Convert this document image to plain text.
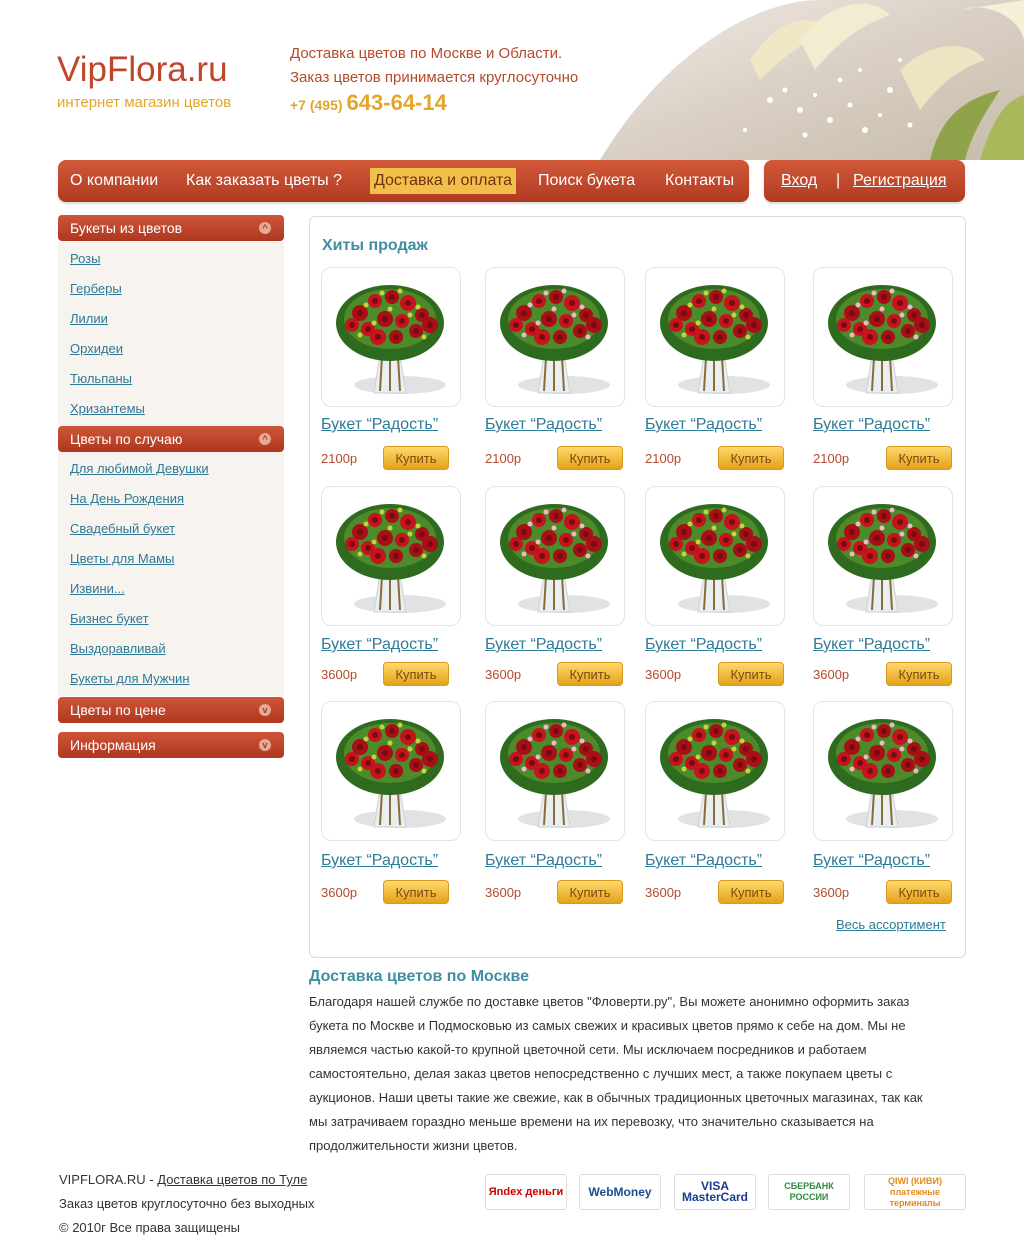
VipFlora.ru
интернет магазин цветов
Доставка цветов по Москве и Области.
Заказ цветов принимается круглосуточно
+7 (495) 643-64-14
О компании Как заказать цветы ? Доставка и оплата Поиск букета Контакты	Вход | Регистрация
Букеты из цветов	^
Розы
Герберы
Лилии
Орхидеи
Тюльпаны
Хризантемы
Цветы по случаю	^
Для любимой Девушки
На День Рождения
Свадебный букет
Цветы для Мамы
Извини...
Бизнес букет
Выздоравливай
Букеты для Мужчин
Цветы по цене	v
Информация	v
Хиты продаж
Букет “Радость”
2100р	Купить
Букет “Радость”
2100р	Купить
Букет “Радость”
2100р	Купить
Букет “Радость”
2100р	Купить
Букет “Радость”
3600р	Купить
Букет “Радость”
3600р	Купить
Букет “Радость”
3600р	Купить
Букет “Радость”
3600р	Купить
Букет “Радость”
3600р	Купить
Букет “Радость”
3600р	Купить
Букет “Радость”
3600р	Купить
Букет “Радость”
3600р	Купить
Весь ассортимент
Доставка цветов по Москве
Благодаря нашей службе по доставке цветов "Фловерти.ру", Вы можете анонимно оформить заказ
букета по Москве и Подмосковью из самых свежих и красивых цветов прямо к себе на дом. Мы не
являемся частью какой-то крупной цветочной сети. Мы исключаем посредников и работаем
самостоятельно, делая заказ цветов непосредственно с лучших мест, а также покупаем цветы с
аукционов. Наши цветы такие же свежие, как в обычных традиционных цветочных магазинах, так как
мы затрачиваем гораздно меньше времени на их перевозку, что значительно сказывается на
продолжительности жизни цветов.
VIPFLORA.RU - Доставка цветов по Туле
Заказ цветов круглосуточно без выходных
© 2010г Все права защищены
Яndex деньги WebMoney	VISA MasterCard
СБЕРБАНК РОССИИ
QIWI (КИВИ) платежные терминалы
